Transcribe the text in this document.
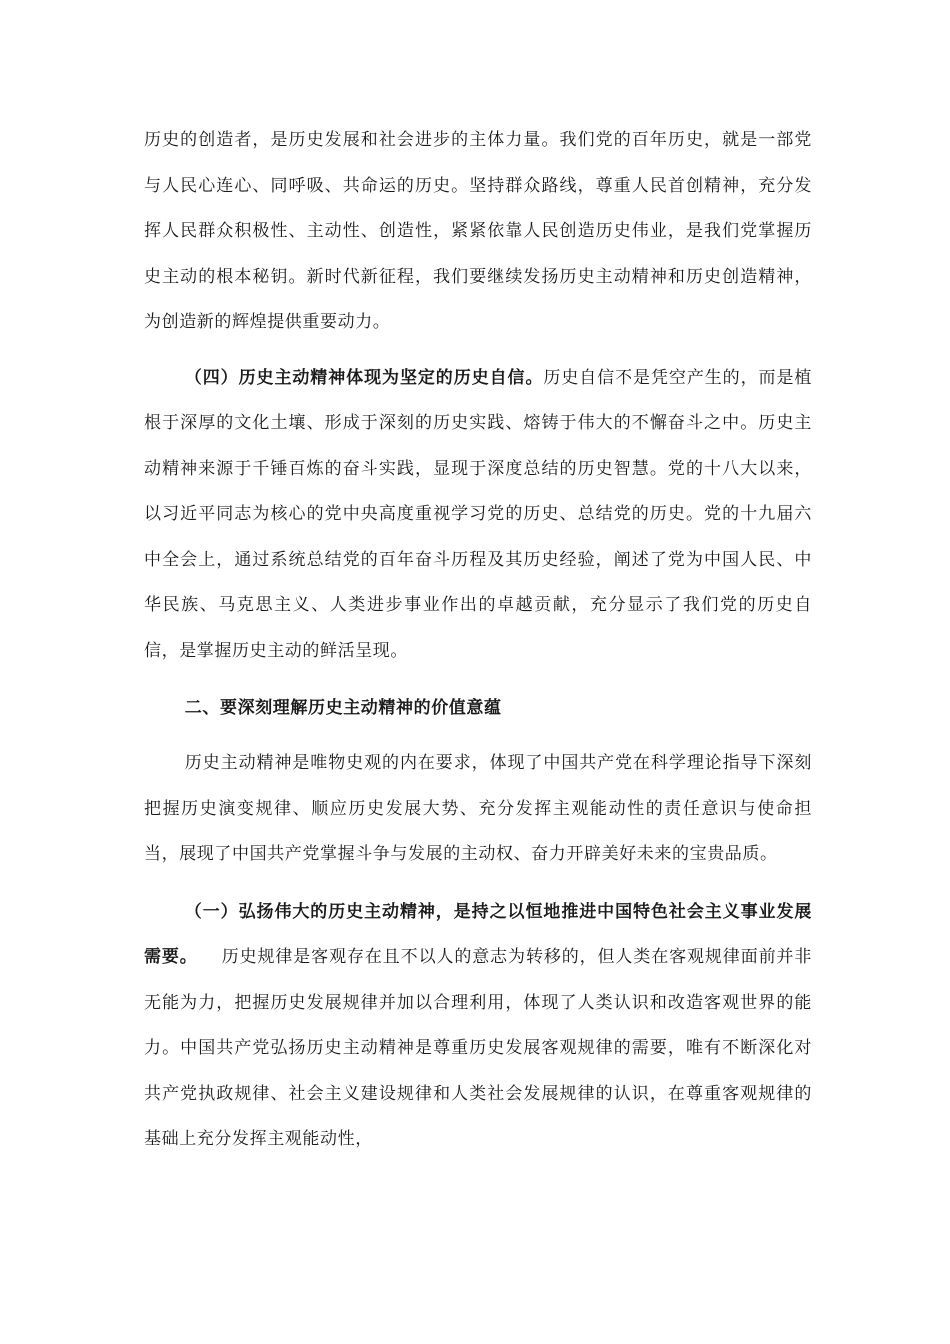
历史的创造者，是历史发展和社会进步的主体力量。我们党的百年历史，就是一部党与人民心连心、同呼吸、共命运的历史。坚持群众路线，尊重人民首创精神，充分发挥人民群众积极性、主动性、创造性，紧紧依靠人民创造历史伟业，是我们党掌握历史主动的根本秘钥。新时代新征程，我们要继续发扬历史主动精神和历史创造精神，为创造新的辉煌提供重要动力。

（四）历史主动精神体现为坚定的历史自信。历史自信不是凭空产生的，而是植根于深厚的文化土壤、形成于深刻的历史实践、熔铸于伟大的不懈奋斗之中。历史主动精神来源于千锤百炼的奋斗实践，显现于深度总结的历史智慧。党的十八大以来，以习近平同志为核心的党中央高度重视学习党的历史、总结党的历史。党的十九届六中全会上，通过系统总结党的百年奋斗历程及其历史经验，阐述了党为中国人民、中华民族、马克思主义、人类进步事业作出的卓越贡献，充分显示了我们党的历史自信，是掌握历史主动的鲜活呈现。

二、要深刻理解历史主动精神的价值意蕴

历史主动精神是唯物史观的内在要求，体现了中国共产党在科学理论指导下深刻把握历史演变规律、顺应历史发展大势、充分发挥主观能动性的责任意识与使命担当，展现了中国共产党掌握斗争与发展的主动权、奋力开辟美好未来的宝贵品质。

（一）弘扬伟大的历史主动精神，是持之以恒地推进中国特色社会主义事业发展需要。 历史规律是客观存在且不以人的意志为转移的，但人类在客观规律面前并非无能为力，把握历史发展规律并加以合理利用，体现了人类认识和改造客观世界的能力。中国共产党弘扬历史主动精神是尊重历史发展客观规律的需要，唯有不断深化对共产党执政规律、社会主义建设规律和人类社会发展规律的认识，在尊重客观规律的基础上充分发挥主观能动性，
